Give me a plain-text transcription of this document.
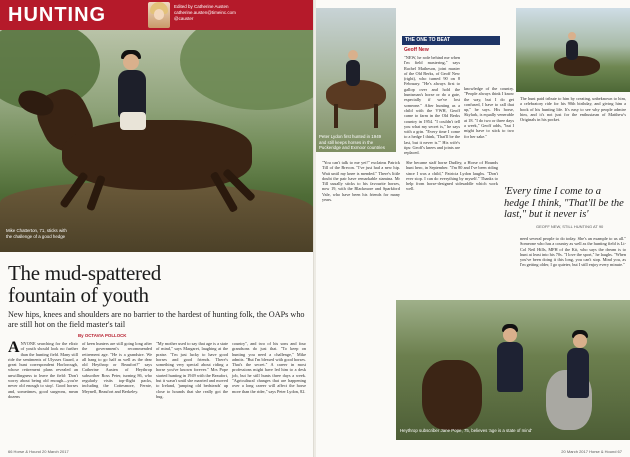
HUNTING	Edited by Catherine Austen
catherine.austen@timeinc.com
@causter
Mike Chatterton, 71, sticks with
the challenge of a good hedge
The mud-spattered
fountain of youth
New hips, knees and shoulders are no barrier to the hardest of hunting folk, the OAPs who are still hot on the field master's tail
By OCTAVIA POLLOCK
ANYONE searching for the elixir of youth should look no further than the hunting field. Many still ride the sentiments of Ulysses Guard, a great hunt correspondent Horlorough, whose retirement plans revealed an unwillingness to leave the field: 'Don't worry about being old enough—you're never old enough to stop'. Good horses and, sometimes, good surgeons, mean dozens
of keen hunters are still going long after the government's recommended retirement age. "He is a grandsire. We all hang to go half as well as the dear old Heythrop or Beaufort?" says Catherine Austen of Heythrop subscriber Ross Peter, turning 86, who regularly visits top-flight packs, including the Cottesmore, Fernie, Meynell, Beaufort and Berkeley.
"My mother used to say that age is a state of mind," says Margaret, laughing at the praise. "I'm just lucky to have good horses and good friends. There's something very special about riding a horse you've known forever." Mrs Pope started hunting in 1949 with the Beaufort, but it wasn't until she married and moved to Ireland, 'jumping old bedsteads' up close to hounds that she really got the bug.
country", and two of his sons and four grandsons do just that. "To keep on hunting you need a challenge," Mike admits. "But I'm blessed with good horses. That's the secret." A career in most professions might have led him to a desk job, but he still hunts three days a week. "Agricultural changes that are happening over a long career will affect the horse more than the rider," says Peter Lydon, 82.
66 Horse & Hound 20 March 2017
Peter Lydon first hunted in 1949
and still keeps horses in the
Puckeridge and Exmoor countries
THE ONE TO BEAT
Geoff New
"NEW, he rode behind me when I'm field mastering," says Rachel Matheson, joint master of the Old Berks, of Geoff New (right), who turned 90 on 8 February. "He's always first to gallop over and hold the huntsman's horse or do a gate, especially if we've lost someone." After hunting as a child with the VWH, Geoff came to farm in the Old Berks country in 1954. "I couldn't tell you what my secret is," he says with a grin. "Every time I come to a hedge I think, 'That'll be the last, but it never is.'" His wife's tips: Geoff's knees and joints are replaced.
knowledge of the country. "People always think I know the way, but I do get confused, I have to call that up," he says. His horse, Skylark, is equally venerable at 18. "I do two or three days a week," Geoff adds, "but I might have to stick to two for her sake."
The hunt paid tribute to him by creating, unbeknown to him, a celebratory ride for his 90th birthday, and giving him a book of his hunting life. It's easy to see why people admire him, and it's not just for the enthusiasm of Matthew's Originals in his pocket.
"You can't talk to me yet!" exclaims Patrick Till of the Brecon. "I've just had a new hip. Wait until my knee is mended." There's little doubt the pair have remarkable stamina. Mr Till usually sticks to his favourite horses, now 19, with the Blackmore and Sparkford Vale, who have been his friends for many years.
She became staff horse Dudley, a Horse of Hounds hunt hero, in September. "I'm 80 and I've been riding since I was a child," Patricia Lydon laughs. "Don't ever stop. I can do everything by myself." Thanks to help from horse-designed sidesaddle which work well.	'Every time I come to a hedge I think, "That'll be the last," but it never is'
GEOFF NEW, STILL HUNTING AT 90
need several people to do today. She's an example to us all." Someone who has a country as well as the hunting field is Lt-Col Neil Hills, MFH of the Kit, who says the dream is to hunt at least into his 70s. "I love the sport," he laughs. "When you've been doing it this long, you can't stop. Mind you, as I'm getting older, I go quieter, but I still enjoy every minute."
Heythrop subscriber Jane Pope, 75, believes 'age is a state of mind'
20 March 2017 Horse & Hound 67
